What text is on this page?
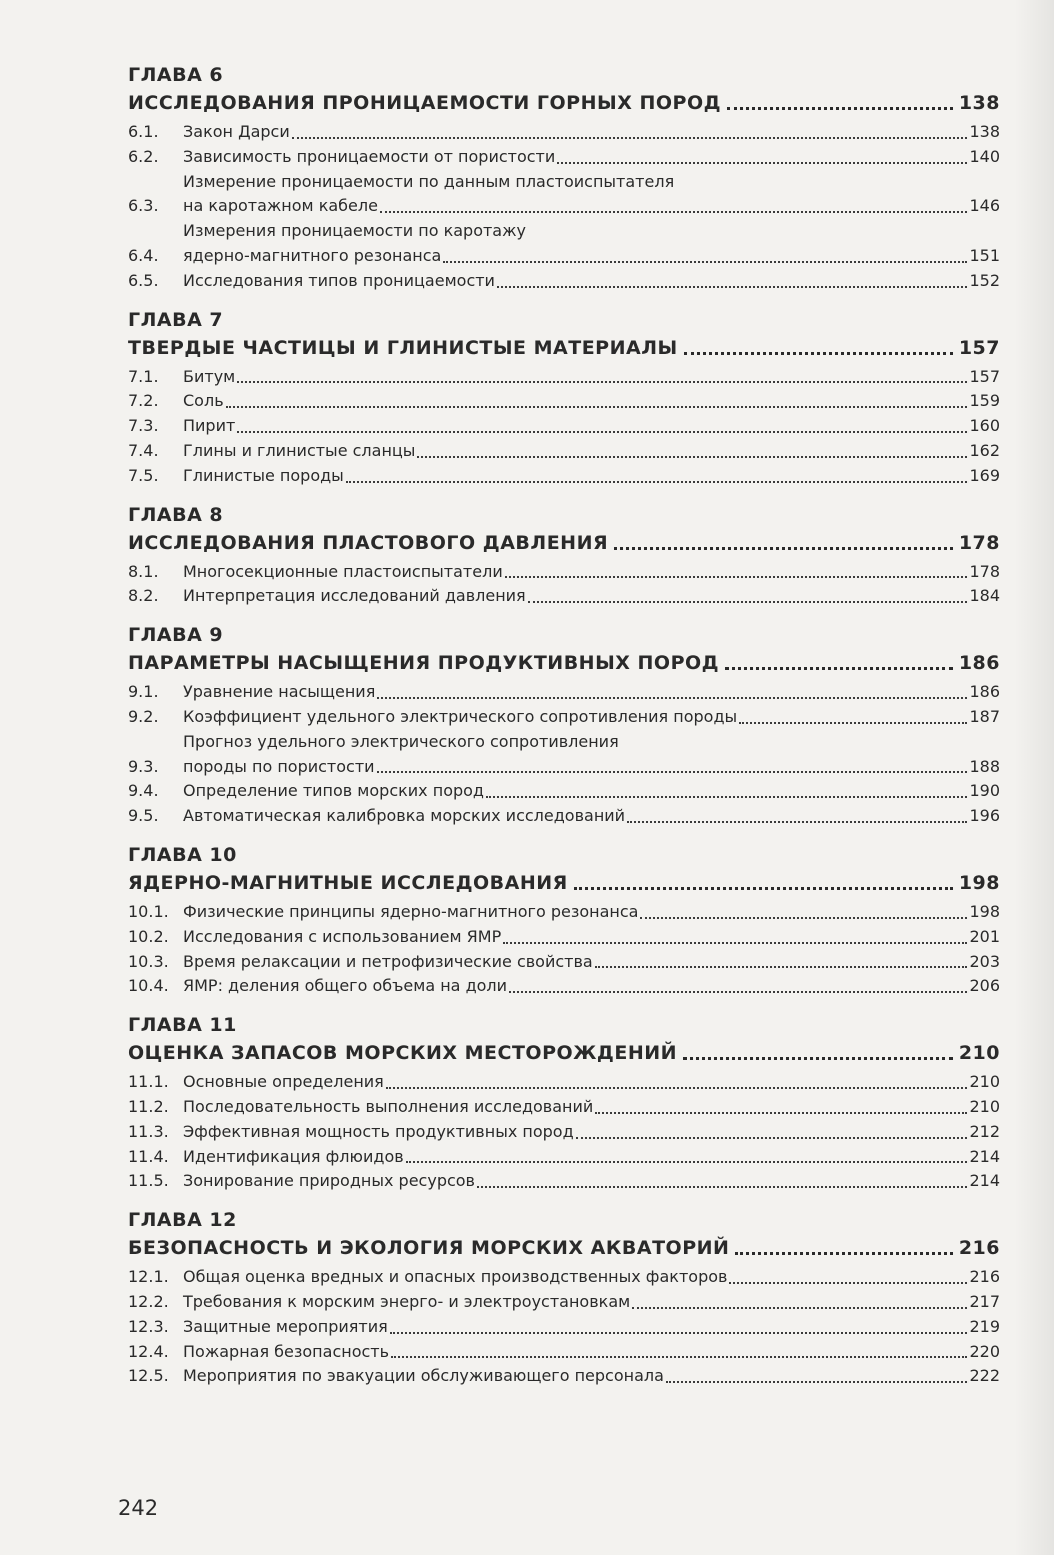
ГЛАВА 6
ИССЛЕДОВАНИЯ ПРОНИЦАЕМОСТИ ГОРНЫХ ПОРОД	138
6.1.	Закон Дарси	138
6.2.	Зависимость проницаемости от пористости	140
6.3.
Измерение проницаемости по данным пластоиспытателя
на каротажном кабеле	146
6.4.
Измерения проницаемости по каротажу
ядерно-магнитного резонанса	151
6.5.	Исследования типов проницаемости	152
ГЛАВА 7
ТВЕРДЫЕ ЧАСТИЦЫ И ГЛИНИСТЫЕ МАТЕРИАЛЫ	157
7.1.	Битум	157
7.2.	Соль	159
7.3.	Пирит	160
7.4.	Глины и глинистые сланцы	162
7.5.	Глинистые породы	169
ГЛАВА 8
ИССЛЕДОВАНИЯ ПЛАСТОВОГО ДАВЛЕНИЯ	178
8.1.	Многосекционные пластоиспытатели	178
8.2.	Интерпретация исследований давления	184
ГЛАВА 9
ПАРАМЕТРЫ НАСЫЩЕНИЯ ПРОДУКТИВНЫХ ПОРОД	186
9.1.	Уравнение насыщения	186
9.2.	Коэффициент удельного электрического сопротивления породы	187
9.3.
Прогноз удельного электрического сопротивления
породы по пористости	188
9.4.	Определение типов морских пород	190
9.5.	Автоматическая калибровка морских исследований	196
ГЛАВА 10
ЯДЕРНО-МАГНИТНЫЕ ИССЛЕДОВАНИЯ	198
10.1. Физические принципы ядерно-магнитного резонанса	198
10.2. Исследования с использованием ЯМР	201
10.3. Время релаксации и петрофизические свойства	203
10.4. ЯМР: деления общего объема на доли	206
ГЛАВА 11
ОЦЕНКА ЗАПАСОВ МОРСКИХ МЕСТОРОЖДЕНИЙ	210
11.1. Основные определения	210
11.2. Последовательность выполнения исследований	210
11.3. Эффективная мощность продуктивных пород	212
11.4. Идентификация флюидов	214
11.5. Зонирование природных ресурсов	214
ГЛАВА 12
БЕЗОПАСНОСТЬ И ЭКОЛОГИЯ МОРСКИХ АКВАТОРИЙ	216
12.1. Общая оценка вредных и опасных производственных факторов	216
12.2. Требования к морским энерго- и электроустановкам	217
12.3. Защитные мероприятия	219
12.4. Пожарная безопасность	220
12.5. Мероприятия по эвакуации обслуживающего персонала	222
242
